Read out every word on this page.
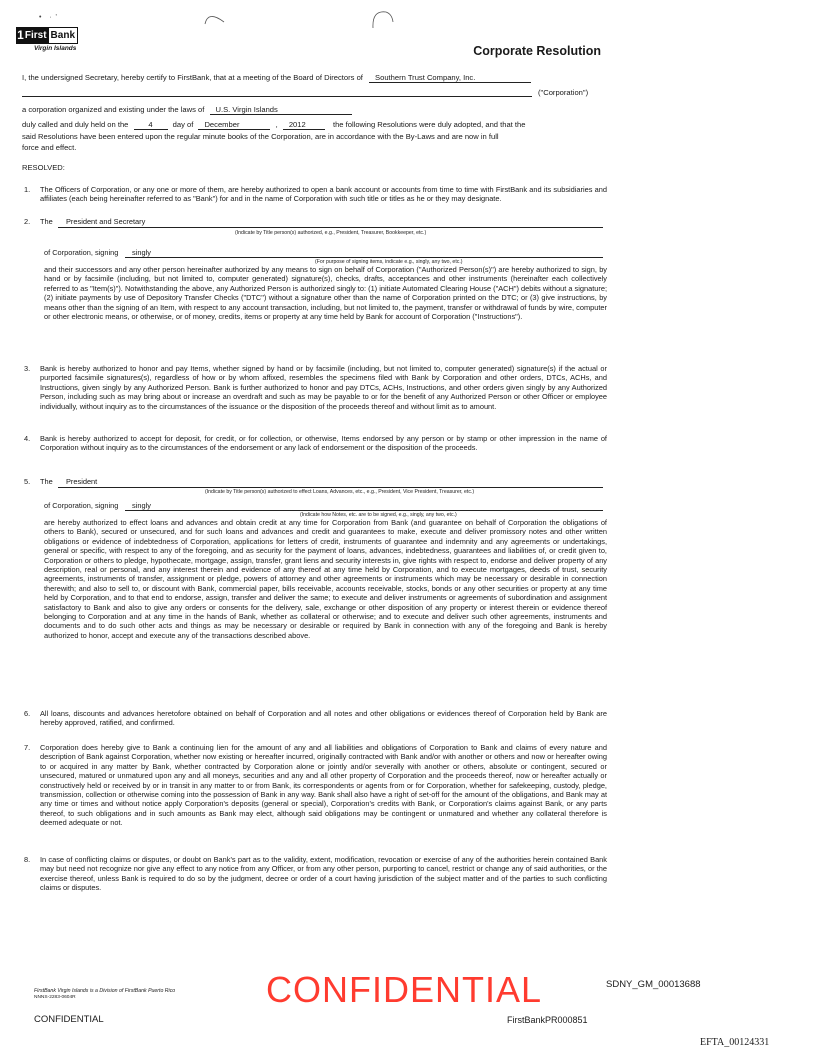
•    ·  '
1 First Bank
Virgin Islands	Corporate Resolution
I, the undersigned Secretary, hereby certify to FirstBank, that at a meeting of the Board of Directors of Southern Trust Company, Inc.
("Corporation")
a corporation organized and existing under the laws of U.S. Virgin Islands
duly called and duly held on the	4	day of December	, 2012	the following Resolutions were duly adopted, and that the
said Resolutions have been entered upon the regular minute books of the Corporation, are in accordance with the By-Laws and are now in full
force and effect.
RESOLVED:
1. The Officers of Corporation, or any one or more of them, are hereby authorized to open a bank account or accounts from time to time with FirstBank and its subsidiaries and affiliates (each being hereinafter referred to as "Bank") for and in the name of Corporation with such title or titles as he or they may designate.
2. The President and Secretary
(Indicate by Title person(s) authorized, e.g., President, Treasurer, Bookkeeper, etc.)
of Corporation, signing singly
(For purpose of signing items, indicate e.g., singly, any two, etc.)
and their successors and any other person hereinafter authorized by any means to sign on behalf of Corporation ("Authorized Person(s)") are hereby authorized to sign, by hand or by facsimile (including, but not limited to, computer generated) signature(s), checks, drafts, acceptances and other instruments (hereinafter each collectively referred to as "Item(s)"). Notwithstanding the above, any Authorized Person is authorized singly to: (1) initiate Automated Clearing House ("ACH") debits without a signature; (2) initiate payments by use of Depository Transfer Checks ("DTC") without a signature other than the name of Corporation printed on the DTC; or (3) give instructions, by means other than the signing of an Item, with respect to any account transaction, including, but not limited to, the payment, transfer or withdrawal of funds by wire, computer or other electronic means, or otherwise, or of money, credits, items or property at any time held by Bank for account of Corporation ("Instructions").
3. Bank is hereby authorized to honor and pay Items, whether signed by hand or by facsimile (including, but not limited to, computer generated) signature(s) if the actual or purported facsimile signatures(s), regardless of how or by whom affixed, resembles the specimens filed with Bank by Corporation and other orders, DTCs, ACHs, and Instructions, given singly by any Authorized Person. Bank is further authorized to honor and pay DTCs, ACHs, Instructions, and other orders given singly by any Authorized Person, including such as may bring about or increase an overdraft and such as may be payable to or for the benefit of any Authorized Person or other Officer or employee individually, without inquiry as to the circumstances of the issuance or the disposition of the proceeds thereof and without limit as to amount.
4. Bank is hereby authorized to accept for deposit, for credit, or for collection, or otherwise, Items endorsed by any person or by stamp or other impression in the name of Corporation without inquiry as to the circumstances of the endorsement or any lack of endorsement or the disposition of the proceeds.
5. The President
(Indicate by Title person(s) authorized to effect Loans, Advances, etc., e.g., President, Vice President, Treasurer, etc.)
of Corporation, signing singly
(Indicate how Notes, etc. are to be signed, e.g., singly, any two, etc.)
are hereby authorized to effect loans and advances and obtain credit at any time for Corporation from Bank (and guarantee on behalf of Corporation the obligations of others to Bank), secured or unsecured, and for such loans and advances and credit and guarantees to make, execute and deliver promissory notes and other written obligations or evidence of indebtedness of Corporation, applications for letters of credit, instruments of guarantee and indemnity and any agreements or undertakings, general or specific, with respect to any of the foregoing, and as security for the payment of loans, advances, indebtedness, guarantees and liabilities of, or credit given to, Corporation or others to pledge, hypothecate, mortgage, assign, transfer, grant liens and security interests in, give rights with respect to, endorse and deliver property of any description, real or personal, and any interest therein and evidence of any thereof at any time held by Corporation, and to execute mortgages, deeds of trust, security agreements, instruments of transfer, assignment or pledge, powers of attorney and other agreements or instruments which may be necessary or desirable in connection therewith; and also to sell to, or discount with Bank, commercial paper, bills receivable, accounts receivable, stocks, bonds or any other securities or property at any time held by Corporation, and to that end to endorse, assign, transfer and deliver the same; to execute and deliver instruments or agreements of subordination and assignment satisfactory to Bank and also to give any orders or consents for the delivery, sale, exchange or other disposition of any property or interest therein or evidence thereof belonging to Corporation and at any time in the hands of Bank, whether as collateral or otherwise; and to execute and deliver such other agreements, instruments and documents and to do such other acts and things as may be necessary or desirable or required by Bank in connection with any of the foregoing and Bank is hereby authorized to honor, accept and execute any of the transactions described above.
6. All loans, discounts and advances heretofore obtained on behalf of Corporation and all notes and other obligations or evidences thereof of Corporation held by Bank are hereby approved, ratified, and confirmed.
7. Corporation does hereby give to Bank a continuing lien for the amount of any and all liabilities and obligations of Corporation to Bank and claims of every nature and description of Bank against Corporation, whether now existing or hereafter incurred, originally contracted with Bank and/or with another or others and now or hereafter owing to or acquired in any matter by Bank, whether contracted by Corporation alone or jointly and/or severally with another or others, absolute or contingent, secured or unsecured, matured or unmatured upon any and all moneys, securities and any and all other property of Corporation and the proceeds thereof, now or hereafter actually or constructively held or received by or in transit in any matter to or from Bank, its correspondents or agents from or for Corporation, whether for safekeeping, custody, pledge, transmission, collection or otherwise coming into the possession of Bank in any way. Bank shall also have a right of set-off for the amount of the obligations, and Bank may at any time or times and without notice apply Corporation's deposits (general or special), Corporation's credits with Bank, or Corporation's claims against Bank, or any parts thereof, to such obligations and in such amounts as Bank may elect, although said obligations may be contingent or unmatured and whether any collateral therefore is deemed adequate or not.
8. In case of conflicting claims or disputes, or doubt on Bank's part as to the validity, extent, modification, revocation or exercise of any of the authorities herein contained Bank may but need not recognize nor give any effect to any notice from any Officer, or from any other person, purporting to cancel, restrict or change any of said authorities, or the exercise thereof, unless Bank is required to do so by the judgment, decree or order of a court having jurisdiction of the subject matter and of the parties to such conflicting claims or disputes.
FirstBank Virgin Islands is a Division of FirstBank Puerto Rico
NNNS-2283-0604R	CONFIDENTIAL	SDNY_GM_00013688
CONFIDENTIAL	FirstBankPR000851
EFTA_00124331
